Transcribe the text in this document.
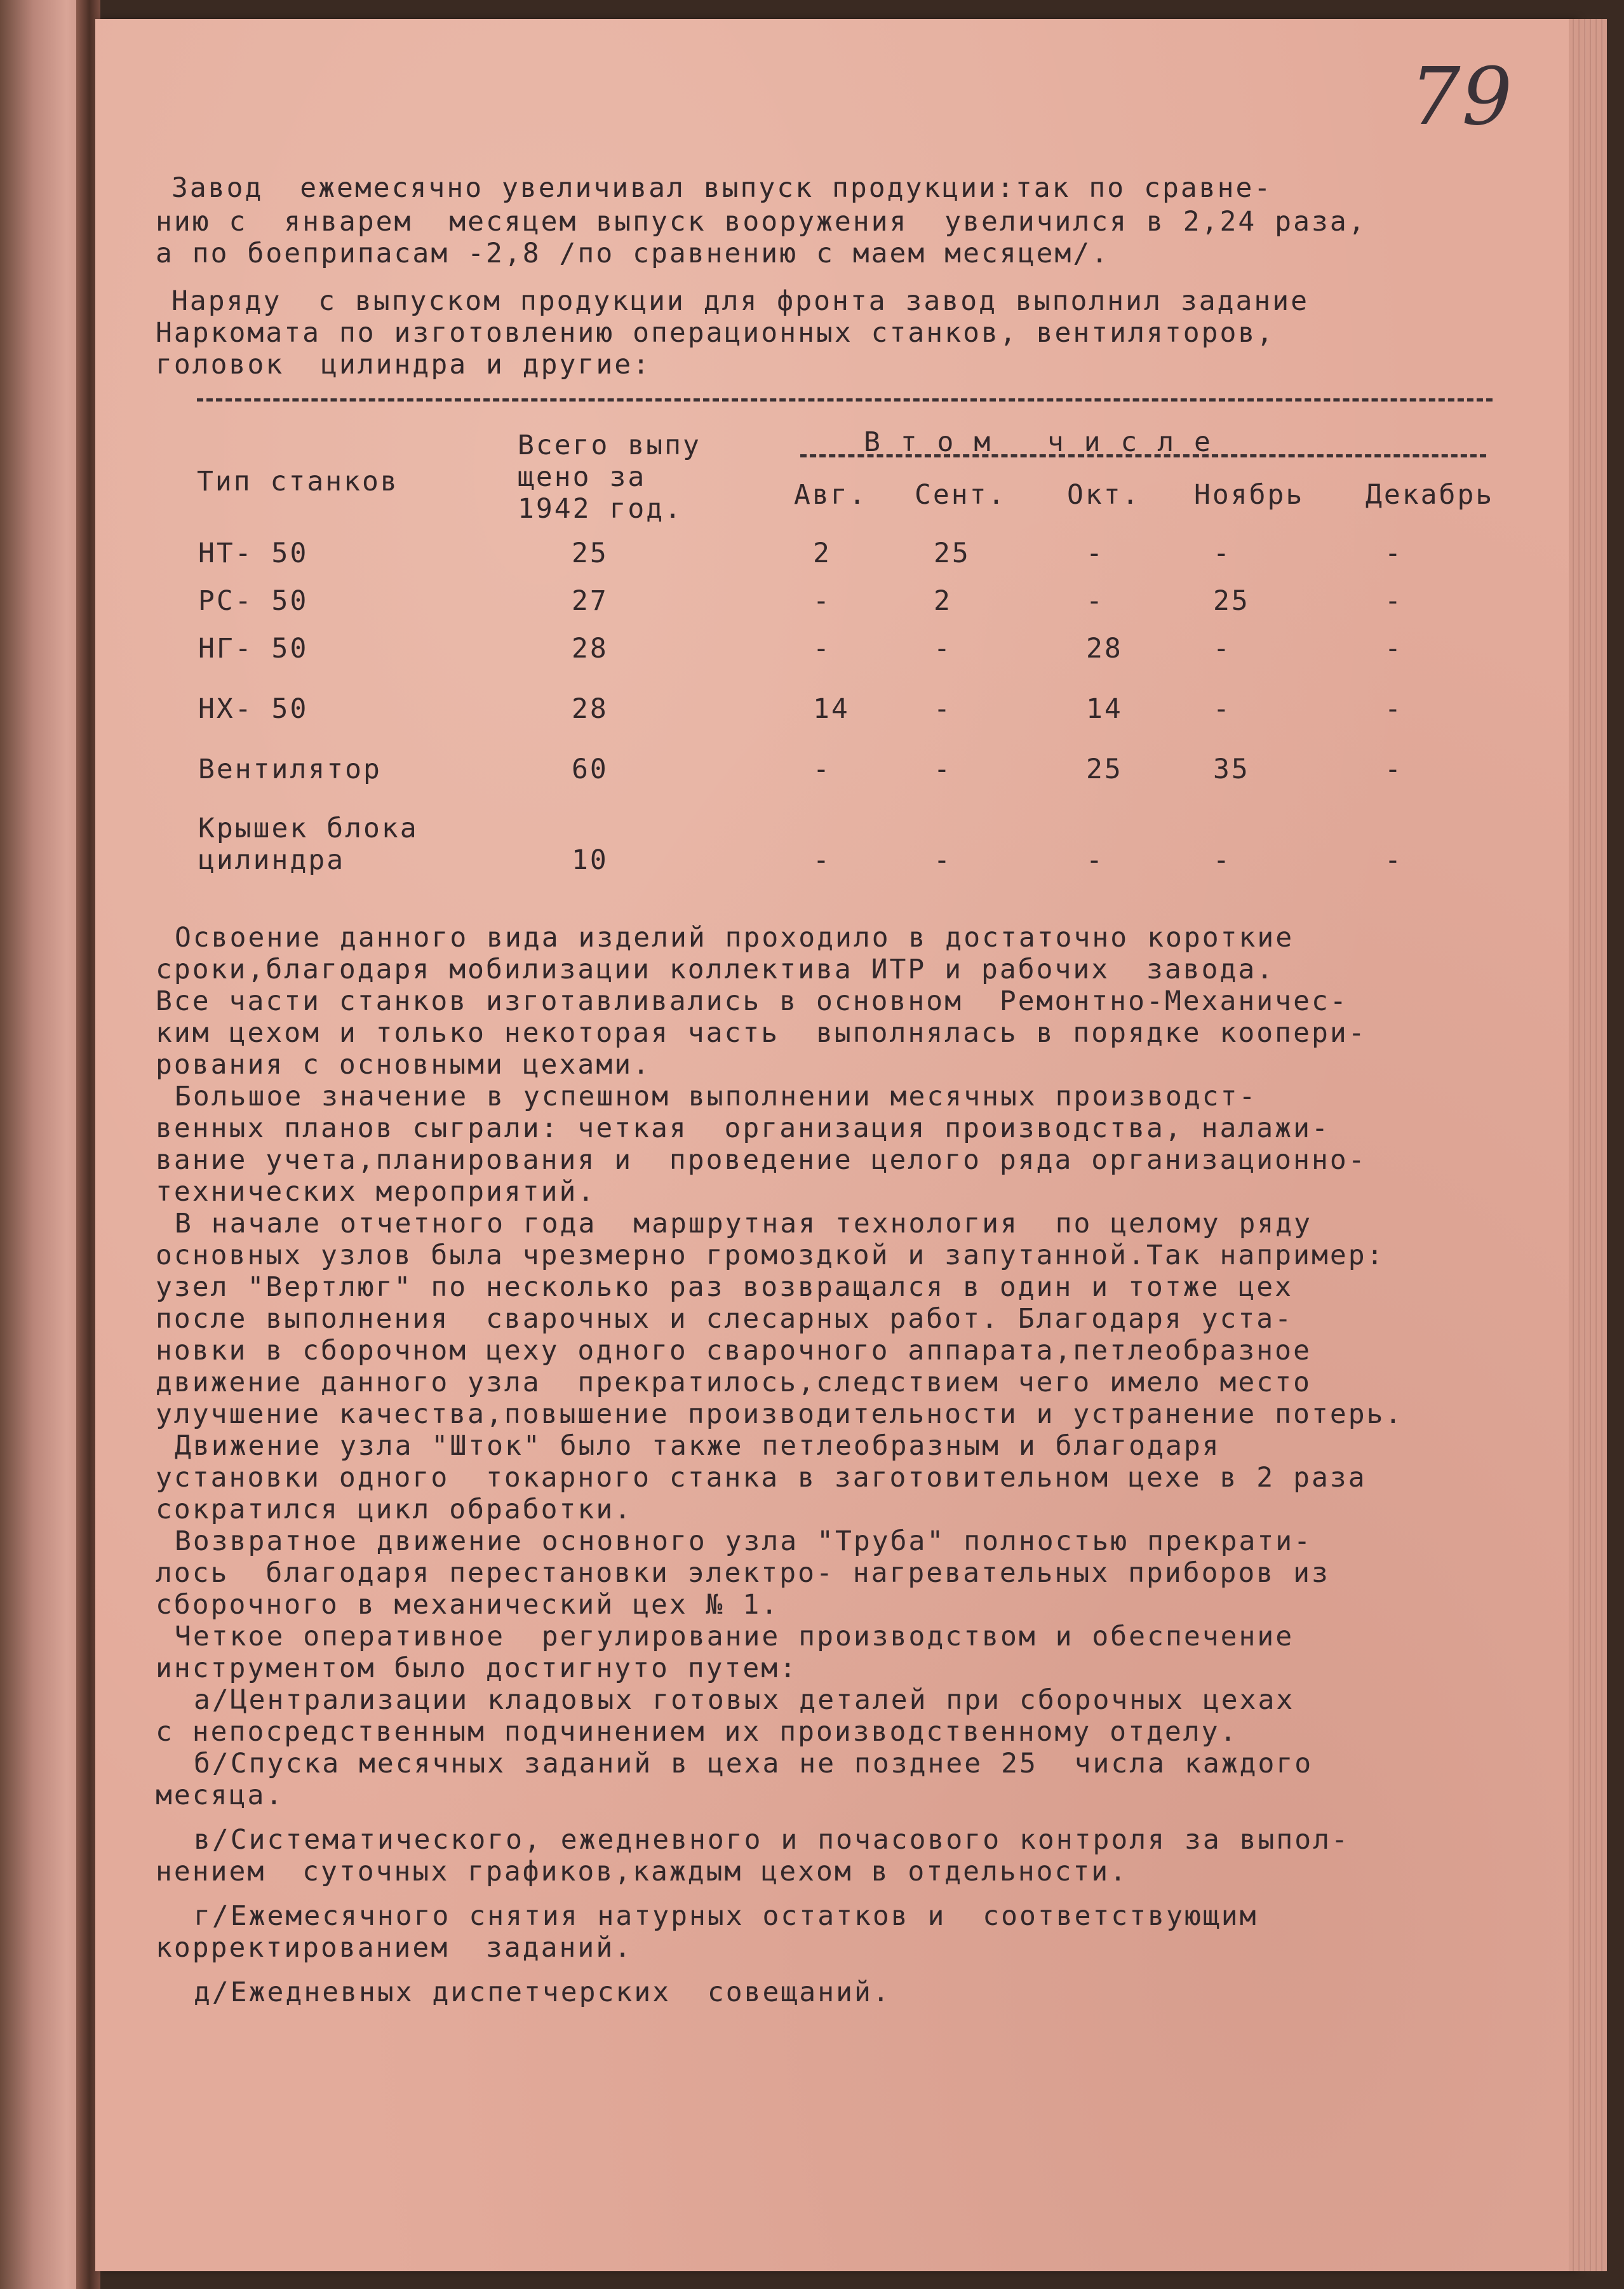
79
Завод  ежемесячно увеличивал выпуск продукции:так по сравне-
нию с  январем  месяцем выпуск вооружения  увеличился в 2,24 раза,
а по боеприпасам -2,8 /по сравнению с маем месяцем/.
Наряду  с выпуском продукции для фронта завод выполнил задание
Наркомата по изготовлению операционных станков, вентиляторов,
головок  цилиндра и другие:
Тип станков
Всего выпу
щено за
1942 год.
В т о м   ч и с л е
Авг. Сент. Окт. Ноябрь Декабрь
НТ- 50	25	2	25	-	-	-
РС- 50	27	-	2	-	25	-
НГ- 50	28	-	-	28	-	-
НХ- 50	28	14	-	14	-	-
Вентилятор	60	-	-	25	35	-
Крышек блока
цилиндра	10	-	-	-	-	-
Освоение данного вида изделий проходило в достаточно короткие
сроки,благодаря мобилизации коллектива ИТР и рабочих  завода.
Все части станков изготавливались в основном  Ремонтно-Механичес-
ким цехом и только некоторая часть  выполнялась в порядке коопери-
рования с основными цехами.
Большое значение в успешном выполнении месячных производст-
венных планов сыграли: четкая  организация производства, налажи-
вание учета,планирования и  проведение целого ряда организационно-
технических мероприятий.
В начале отчетного года  маршрутная технология  по целому ряду
основных узлов была чрезмерно громоздкой и запутанной.Так например:
узел "Вертлюг" по несколько раз возвращался в один и тотже цех
после выполнения  сварочных и слесарных работ. Благодаря уста-
новки в сборочном цеху одного сварочного аппарата,петлеобразное
движение данного узла  прекратилось,следствием чего имело место
улучшение качества,повышение производительности и устранение потерь.
Движение узла "Шток" было также петлеобразным и благодаря
установки одного  токарного станка в заготовительном цехе в 2 раза
сократился цикл обработки.
Возвратное движение основного узла "Труба" полностью прекрати-
лось  благодаря перестановки электро- нагревательных приборов из
сборочного в механический цех № 1.
Четкое оперативное  регулирование производством и обеспечение
инструментом было достигнуто путем:
а/Централизации кладовых готовых деталей при сборочных цехах
с непосредственным подчинением их производственному отделу.
б/Спуска месячных заданий в цеха не позднее 25  числа каждого
месяца.
в/Систематического, ежедневного и почасового контроля за выпол-
нением  суточных графиков,каждым цехом в отдельности.
г/Ежемесячного снятия натурных остатков и  соответствующим
корректированием  заданий.
д/Ежедневных диспетчерских  совещаний.
